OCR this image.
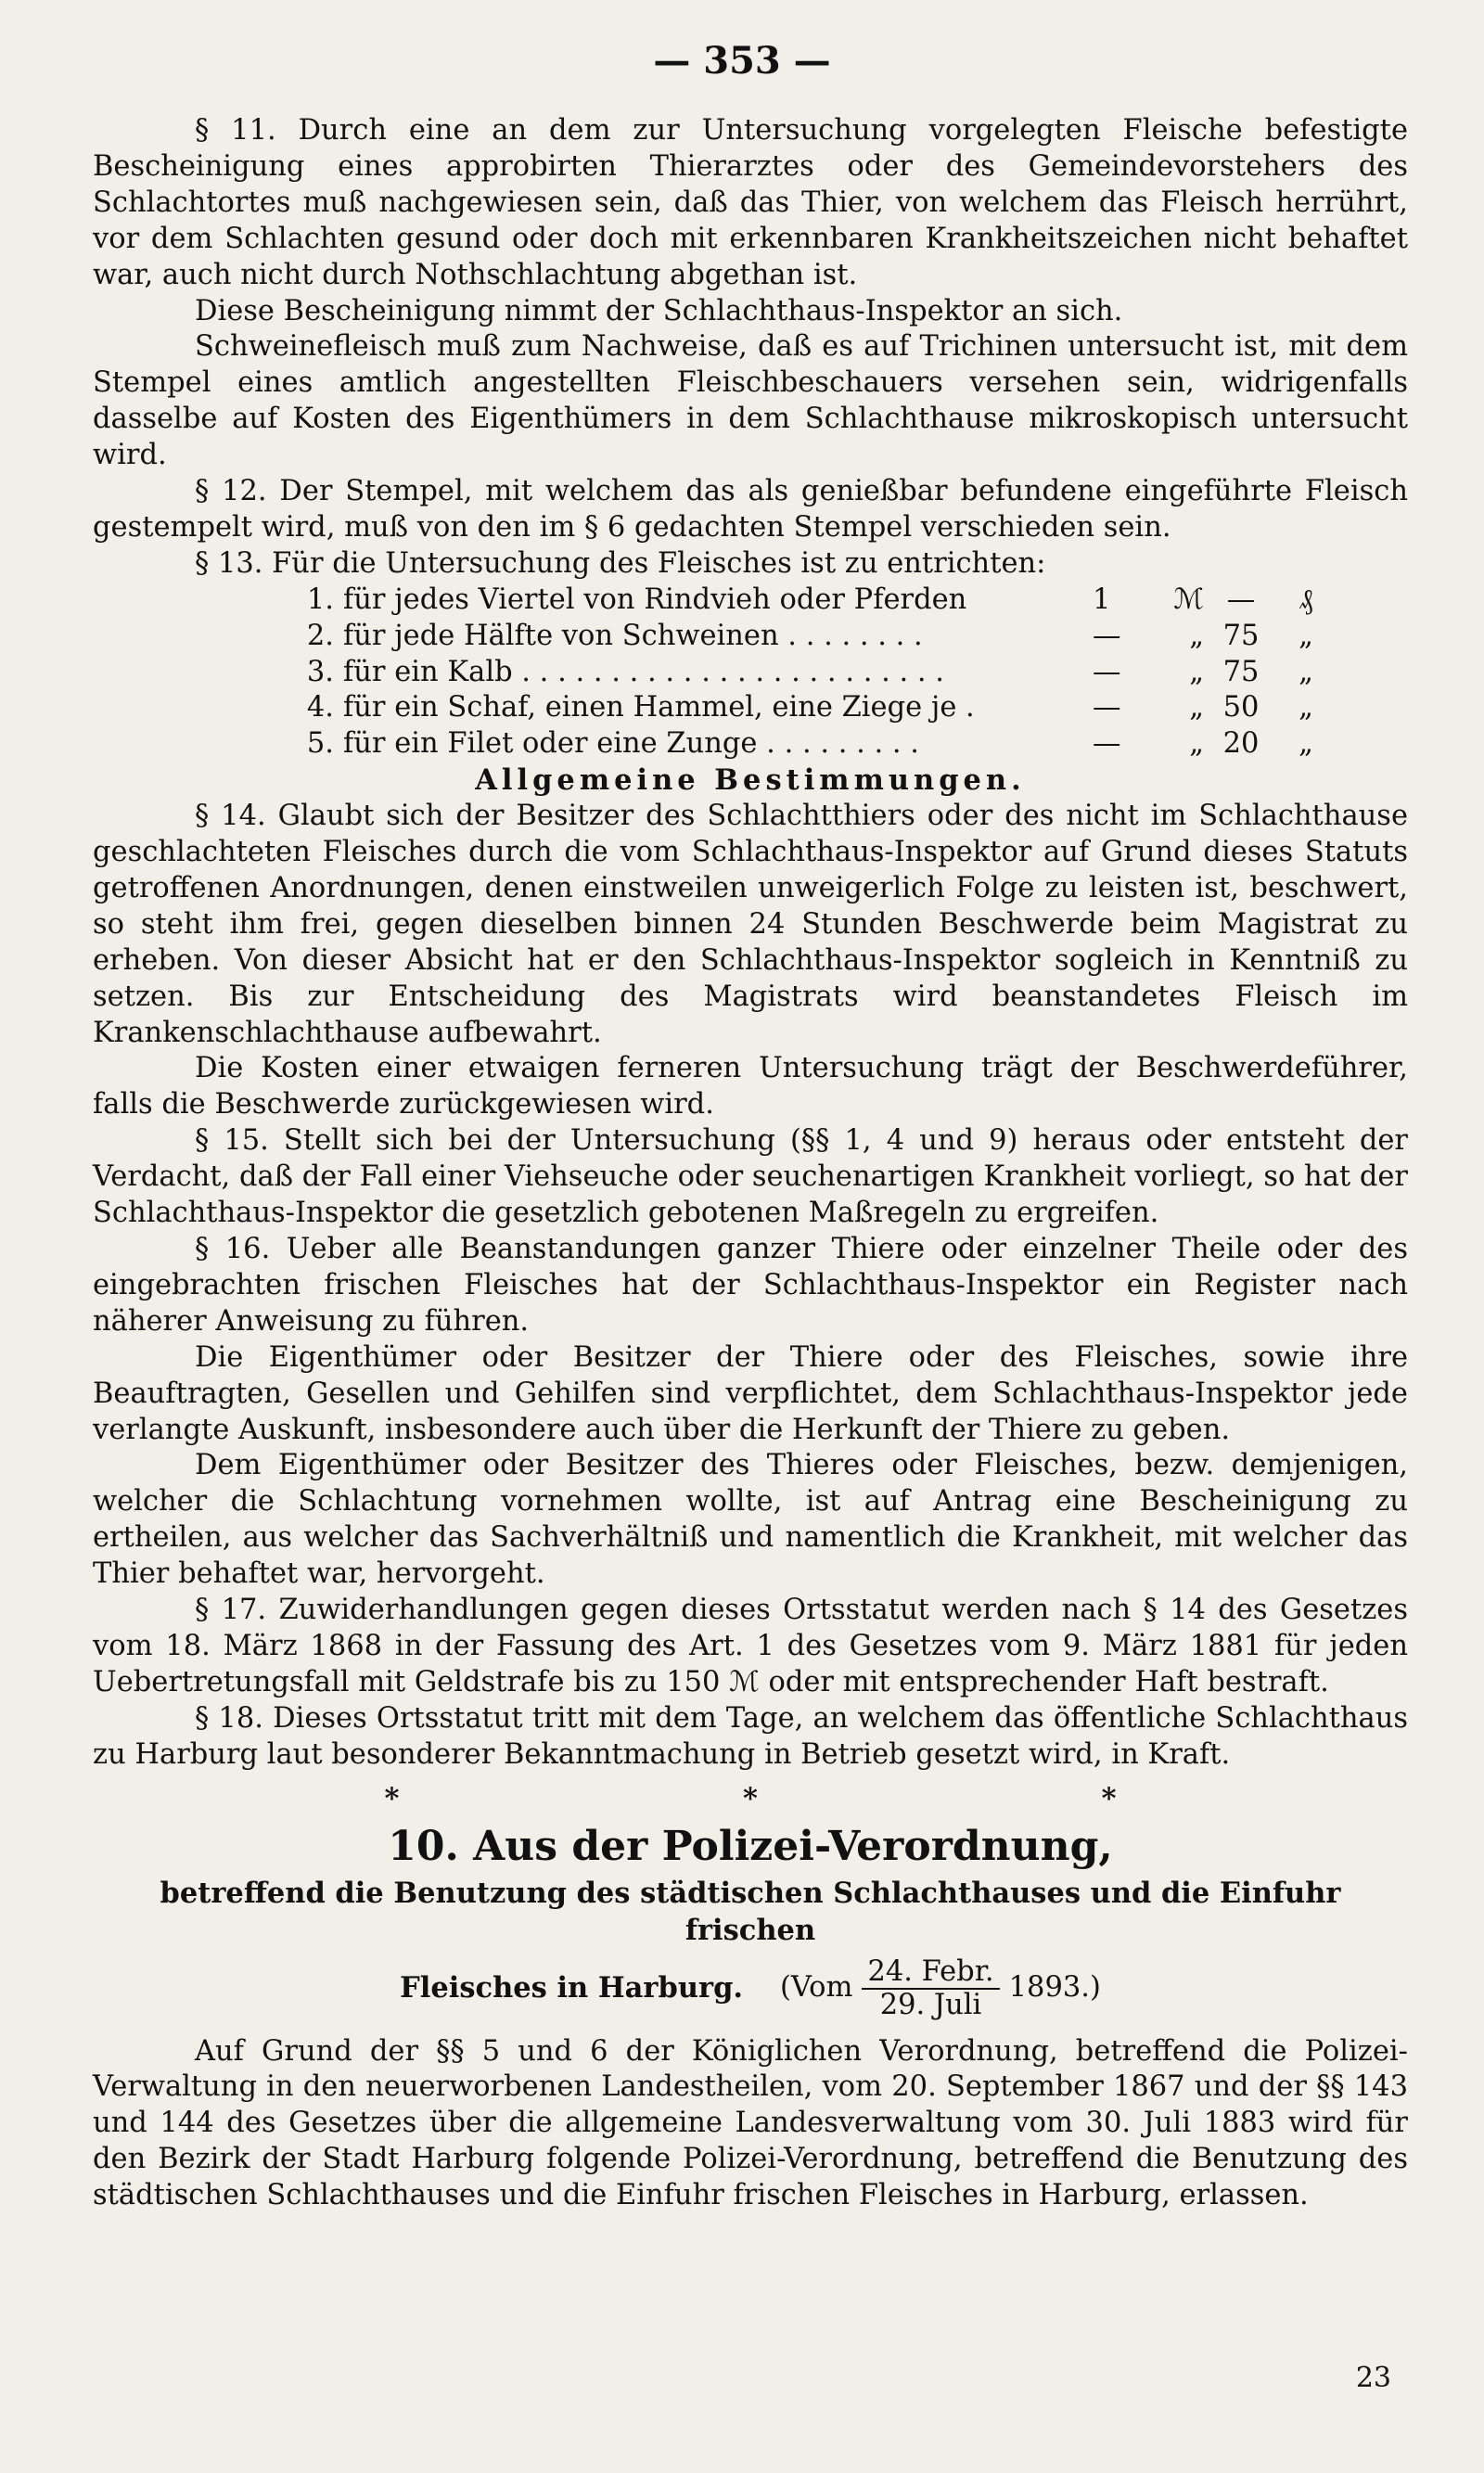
— 353 —

§ 11. Durch eine an dem zur Untersuchung vorgelegten Fleische befestigte Bescheinigung eines approbirten Thierarztes oder des Gemeindevorstehers des Schlachtortes muß nachgewiesen sein, daß das Thier, von welchem das Fleisch herrührt, vor dem Schlachten gesund oder doch mit erkennbaren Krankheitszeichen nicht behaftet war, auch nicht durch Nothschlachtung abgethan ist.

Diese Bescheinigung nimmt der Schlachthaus-Inspektor an sich.

Schweinefleisch muß zum Nachweise, daß es auf Trichinen untersucht ist, mit dem Stempel eines amtlich angestellten Fleischbeschauers versehen sein, widrigenfalls dasselbe auf Kosten des Eigenthümers in dem Schlachthause mikroskopisch untersucht wird.

§ 12. Der Stempel, mit welchem das als genießbar befundene eingeführte Fleisch gestempelt wird, muß von den im § 6 gedachten Stempel verschieden sein.

§ 13. Für die Untersuchung des Fleisches ist zu entrichten:

1. für jedes Viertel von Rindvieh oder Pferden	1	ℳ —	₰
2. für jede Hälfte von Schweinen . . . . . . . .	—	„ 75	„
3. für ein Kalb . . . . . . . . . . . . . . . . . . . . . . . .	—	„ 75	„
4. für ein Schaf, einen Hammel, eine Ziege je .	—	„ 50	„
5. für ein Filet oder eine Zunge . . . . . . . . .	—	„ 20	„

Allgemeine Bestimmungen.

§ 14. Glaubt sich der Besitzer des Schlachtthiers oder des nicht im Schlachthause geschlachteten Fleisches durch die vom Schlachthaus-Inspektor auf Grund dieses Statuts getroffenen Anordnungen, denen einstweilen unweigerlich Folge zu leisten ist, beschwert, so steht ihm frei, gegen dieselben binnen 24 Stunden Beschwerde beim Magistrat zu erheben. Von dieser Absicht hat er den Schlachthaus-Inspektor sogleich in Kenntniß zu setzen. Bis zur Entscheidung des Magistrats wird beanstandetes Fleisch im Krankenschlachthause aufbewahrt.

Die Kosten einer etwaigen ferneren Untersuchung trägt der Beschwerdeführer, falls die Beschwerde zurückgewiesen wird.

§ 15. Stellt sich bei der Untersuchung (§§ 1, 4 und 9) heraus oder entsteht der Verdacht, daß der Fall einer Viehseuche oder seuchenartigen Krankheit vorliegt, so hat der Schlachthaus-Inspektor die gesetzlich gebotenen Maßregeln zu ergreifen.

§ 16. Ueber alle Beanstandungen ganzer Thiere oder einzelner Theile oder des eingebrachten frischen Fleisches hat der Schlachthaus-Inspektor ein Register nach näherer Anweisung zu führen.

Die Eigenthümer oder Besitzer der Thiere oder des Fleisches, sowie ihre Beauftragten, Gesellen und Gehilfen sind verpflichtet, dem Schlachthaus-Inspektor jede verlangte Auskunft, insbesondere auch über die Herkunft der Thiere zu geben.

Dem Eigenthümer oder Besitzer des Thieres oder Fleisches, bezw. demjenigen, welcher die Schlachtung vornehmen wollte, ist auf Antrag eine Bescheinigung zu ertheilen, aus welcher das Sachverhältniß und namentlich die Krankheit, mit welcher das Thier behaftet war, hervorgeht.

§ 17. Zuwiderhandlungen gegen dieses Ortsstatut werden nach § 14 des Gesetzes vom 18. März 1868 in der Fassung des Art. 1 des Gesetzes vom 9. März 1881 für jeden Uebertretungsfall mit Geldstrafe bis zu 150 ℳ oder mit entsprechender Haft bestraft.

§ 18. Dieses Ortsstatut tritt mit dem Tage, an welchem das öffentliche Schlachthaus zu Harburg laut besonderer Bekanntmachung in Betrieb gesetzt wird, in Kraft.

* * *

10. Aus der Polizei-Verordnung,

betreffend die Benutzung des städtischen Schlachthauses und die Einfuhr frischen

Fleisches in Harburg. $(Vom \frac{\text{24. Febr.}}{\text{29. Juli}} 1893.)$

Auf Grund der §§ 5 und 6 der Königlichen Verordnung, betreffend die Polizei-Verwaltung in den neuerworbenen Landestheilen, vom 20. September 1867 und der §§ 143 und 144 des Gesetzes über die allgemeine Landesverwaltung vom 30. Juli 1883 wird für den Bezirk der Stadt Harburg folgende Polizei-Verordnung, betreffend die Benutzung des städtischen Schlachthauses und die Einfuhr frischen Fleisches in Harburg, erlassen.

23
